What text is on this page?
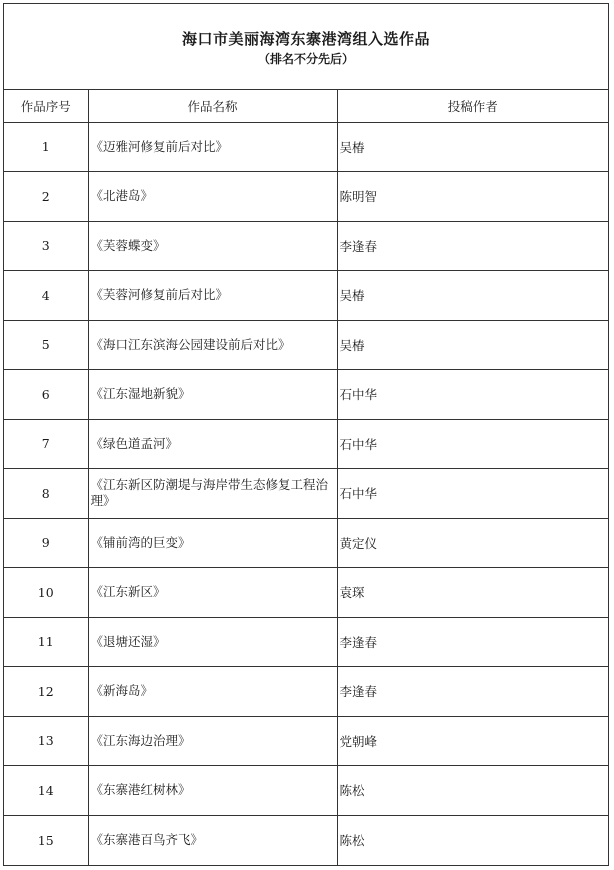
海口市美丽海湾东寨港湾组入选作品
（排名不分先后）
作品序号	作品名称	投稿作者
1	《迈雅河修复前后对比》	吴椿
2	《北港岛》	陈明智
3	《芙蓉蝶变》	李逢春
4	《芙蓉河修复前后对比》	吴椿
5	《海口江东滨海公园建设前后对比》	吴椿
6	《江东湿地新貌》	石中华
7	《绿色道孟河》	石中华
8	《江东新区防潮堤与海岸带生态修复工程治理》	石中华
9	《铺前湾的巨变》	黄定仪
10	《江东新区》	袁琛
11	《退塘还湿》	李逢春
12	《新海岛》	李逢春
13	《江东海边治理》	党朝峰
14	《东寨港红树林》	陈松
15	《东寨港百鸟齐飞》	陈松
